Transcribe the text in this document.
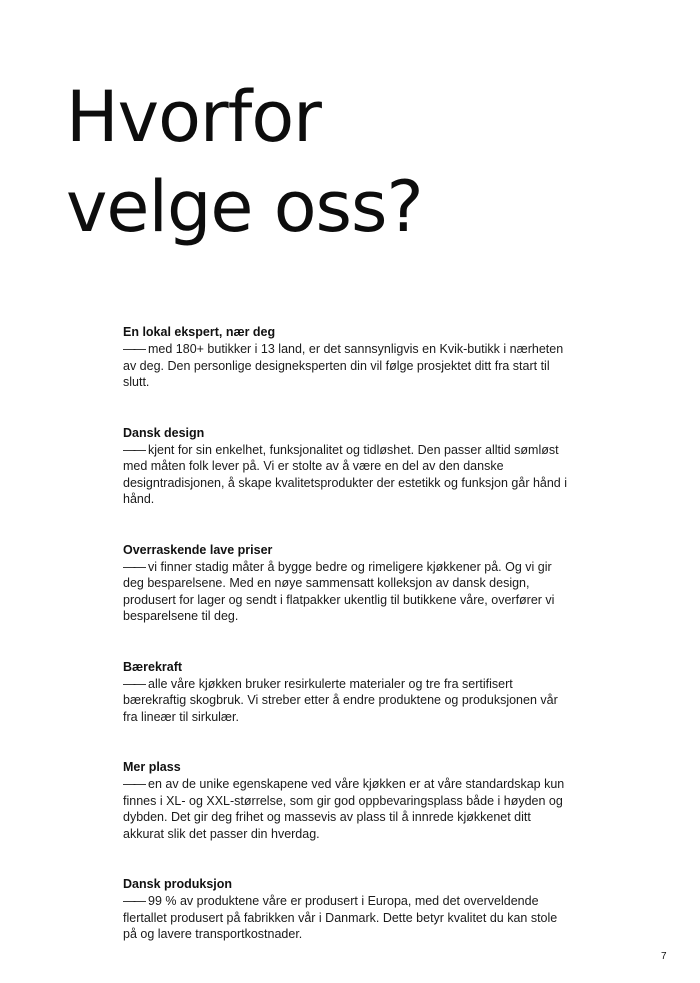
Hvorfor
velge oss?

En lokal ekspert, nær deg

—— med 180+ butikker i 13 land, er det sannsynligvis en Kvik-butikk i nærheten av deg. Den personlige designeksperten din vil følge prosjektet ditt fra start til slutt.

Dansk design

—— kjent for sin enkelhet, funksjonalitet og tidløshet. Den passer alltid sømløst med måten folk lever på. Vi er stolte av å være en del av den danske designtradisjonen, å skape kvalitetsprodukter der estetikk og funksjon går hånd i hånd.

Overraskende lave priser

—— vi finner stadig måter å bygge bedre og rimeligere kjøkkener på. Og vi gir deg besparelsene. Med en nøye sammensatt kolleksjon av dansk design, produsert for lager og sendt i flatpakker ukentlig til butikkene våre, overfører vi besparelsene til deg.

Bærekraft

—— alle våre kjøkken bruker resirkulerte materialer og tre fra sertifisert bærekraftig skogbruk. Vi streber etter å endre produktene og produksjonen vår fra lineær til sirkulær.

Mer plass

—— en av de unike egenskapene ved våre kjøkken er at våre standardskap kun finnes i XL- og XXL-størrelse, som gir god oppbevaringsplass både i høyden og dybden. Det gir deg frihet og massevis av plass til å innrede kjøkkenet ditt akkurat slik det passer din hverdag.

Dansk produksjon

—— 99 % av produktene våre er produsert i Europa, med det overveldende flertallet produsert på fabrikken vår i Danmark. Dette betyr kvalitet du kan stole på og lavere transportkostnader.

7
